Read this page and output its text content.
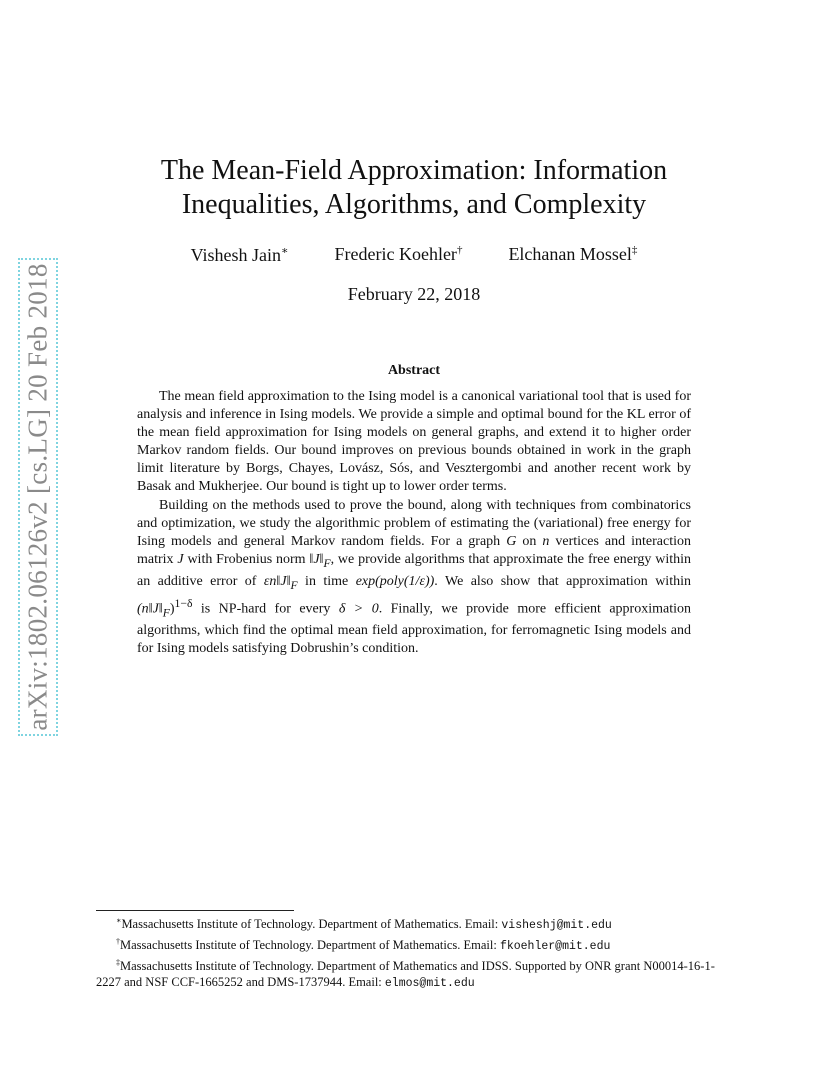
arXiv:1802.06126v2 [cs.LG] 20 Feb 2018
The Mean-Field Approximation: Information
Inequalities, Algorithms, and Complexity
Vishesh Jain∗	Frederic Koehler†	Elchanan Mossel‡
February 22, 2018
Abstract

The mean field approximation to the Ising model is a canonical variational tool that is used for analysis and inference in Ising models. We provide a simple and optimal bound for the KL error of the mean field approximation for Ising models on general graphs, and extend it to higher order Markov random fields. Our bound improves on previous bounds obtained in work in the graph limit literature by Borgs, Chayes, Lovász, Sós, and Vesztergombi and another recent work by Basak and Mukherjee. Our bound is tight up to lower order terms.

Building on the methods used to prove the bound, along with techniques from combinatorics and optimization, we study the algorithmic problem of estimating the (variational) free energy for Ising models and general Markov random fields. For a graph G on n vertices and interaction matrix J with Frobenius norm $‖J‖_F$, we provide algorithms that approximate the free energy within an additive error of $\varepsilon n‖J‖_F$ in time exp(poly(1/ε)). We also show that approximation within $(n‖J‖_F)^{1-\delta}$ is NP-hard for every δ > 0. Finally, we provide more efficient approximation algorithms, which find the optimal mean field approximation, for ferromagnetic Ising models and for Ising models satisfying Dobrushin’s condition.

∗Massachusetts Institute of Technology. Department of Mathematics. Email: visheshj@mit.edu
†Massachusetts Institute of Technology. Department of Mathematics. Email: fkoehler@mit.edu
‡Massachusetts Institute of Technology. Department of Mathematics and IDSS. Supported by ONR grant N00014-16-1-2227 and NSF CCF-1665252 and DMS-1737944. Email: elmos@mit.edu
